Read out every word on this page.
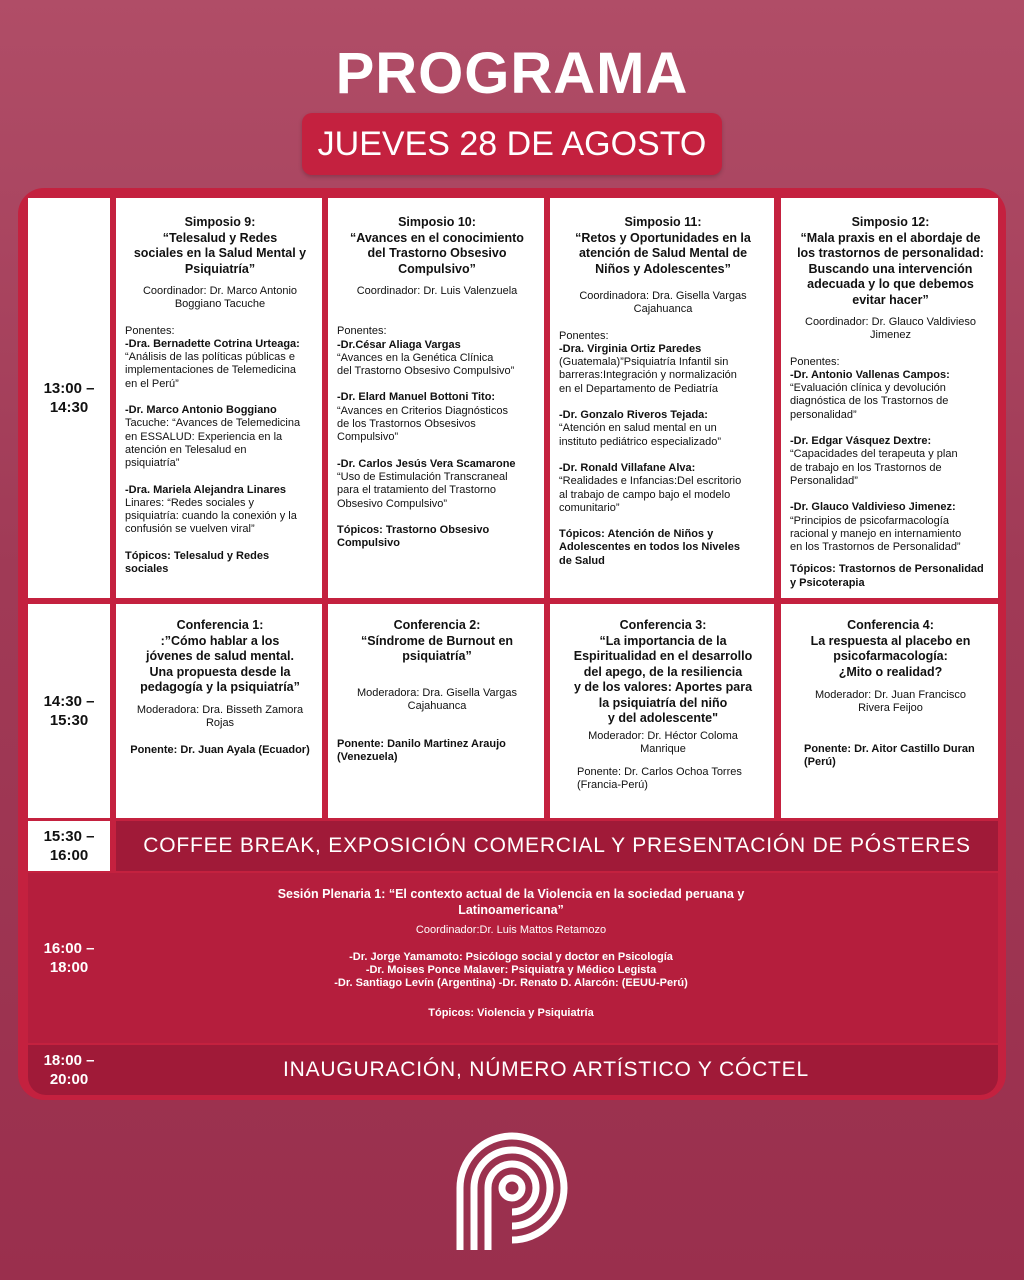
PROGRAMA
JUEVES 28 DE AGOSTO
13:00 –
14:30
Simposio 9:
“Telesalud y Redes
sociales en la Salud Mental y
Psiquiatría”
Coordinador: Dr. Marco Antonio
Boggiano Tacuche
Ponentes:
-Dra. Bernadette Cotrina Urteaga:
“Análisis de las políticas públicas e
implementaciones de Telemedicina
en el Perú”
-Dr. Marco Antonio Boggiano
Tacuche: “Avances de Telemedicina
en ESSALUD: Experiencia en la
atención en Telesalud en
psiquiatría”
-Dra. Mariela Alejandra Linares
Linares: “Redes sociales y
psiquiatría: cuando la conexión y la
confusión se vuelven viral”
Tópicos: Telesalud y Redes sociales
Simposio 10:
“Avances en el conocimiento
del Trastorno Obsesivo
Compulsivo”
Coordinador: Dr. Luis Valenzuela
Ponentes:
-Dr.César Aliaga Vargas
“Avances en la Genética Clínica
del Trastorno Obsesivo Compulsivo”
-Dr. Elard Manuel Bottoni Tito:
“Avances en Criterios Diagnósticos
de los Trastornos Obsesivos
Compulsivo”
-Dr. Carlos Jesús Vera Scamarone
“Uso de Estimulación Transcraneal
para el tratamiento del Trastorno
Obsesivo Compulsivo”
Tópicos: Trastorno Obsesivo
Compulsivo
Simposio 11:
“Retos y Oportunidades en la
atención de Salud Mental de
Niños y Adolescentes”
Coordinadora: Dra. Gisella Vargas
Cajahuanca
Ponentes:
-Dra. Virginia Ortiz Paredes
(Guatemala)”Psiquiatría Infantil sin
barreras:Integración y normalización
en el Departamento de Pediatría
-Dr. Gonzalo Riveros Tejada:
“Atención en salud mental en un
instituto pediátrico especializado”
-Dr. Ronald Villafane Alva:
“Realidades e Infancias:Del escritorio
al trabajo de campo bajo el modelo
comunitario”
Tópicos: Atención de Niños y
Adolescentes en todos los Niveles
de Salud
Simposio 12:
“Mala praxis en el abordaje de
los trastornos de personalidad:
Buscando una intervención
adecuada y lo que debemos
evitar hacer”
Coordinador: Dr. Glauco Valdivieso
Jimenez
Ponentes:
-Dr. Antonio Vallenas Campos:
“Evaluación clínica y devolución
diagnóstica de los Trastornos de
personalidad”
-Dr. Edgar Vásquez Dextre:
“Capacidades del terapeuta y plan
de trabajo en los Trastornos de
Personalidad”
-Dr. Glauco Valdivieso Jimenez:
“Principios de psicofarmacología
racional y manejo en internamiento
en los Trastornos de Personalidad”
Tópicos: Trastornos de Personalidad
y Psicoterapia
14:30 –
15:30
Conferencia 1:
:”Cómo hablar a los
jóvenes de salud mental.
Una propuesta desde la
pedagogía y la psiquiatría”
Moderadora: Dra. Bisseth Zamora
Rojas
Ponente: Dr. Juan Ayala (Ecuador)
Conferencia 2:
“Síndrome de Burnout en
psiquiatría”
Moderadora: Dra. Gisella Vargas
Cajahuanca
Ponente: Danilo Martinez Araujo
(Venezuela)
Conferencia 3:
“La importancia de la
Espiritualidad en el desarrollo
del apego, de la resiliencia
y de los valores: Aportes para
la psiquiatría del niño
y del adolescente"
Moderador: Dr. Héctor Coloma
Manrique
Ponente: Dr. Carlos Ochoa Torres
(Francia-Perú)
Conferencia 4:
La respuesta al placebo en
psicofarmacología:
¿Mito o realidad?
Moderador: Dr. Juan Francisco
Rivera Feijoo
Ponente: Dr. Aitor Castillo Duran
(Perú)
15:30 –
16:00	COFFEE BREAK, EXPOSICIÓN COMERCIAL Y PRESENTACIÓN DE PÓSTERES
16:00 –
18:00
Sesión Plenaria 1: “El contexto actual de la Violencia en la sociedad peruana y
Latinoamericana”
Coordinador:Dr. Luis Mattos Retamozo
-Dr. Jorge Yamamoto: Psicólogo social y doctor en Psicología
-Dr. Moises Ponce Malaver: Psiquiatra y Médico Legista
-Dr. Santiago Levín (Argentina) -Dr. Renato D. Alarcón: (EEUU-Perú)
Tópicos: Violencia y Psiquiatría
18:00 –
20:00	INAUGURACIÓN, NÚMERO ARTÍSTICO Y CÓCTEL
